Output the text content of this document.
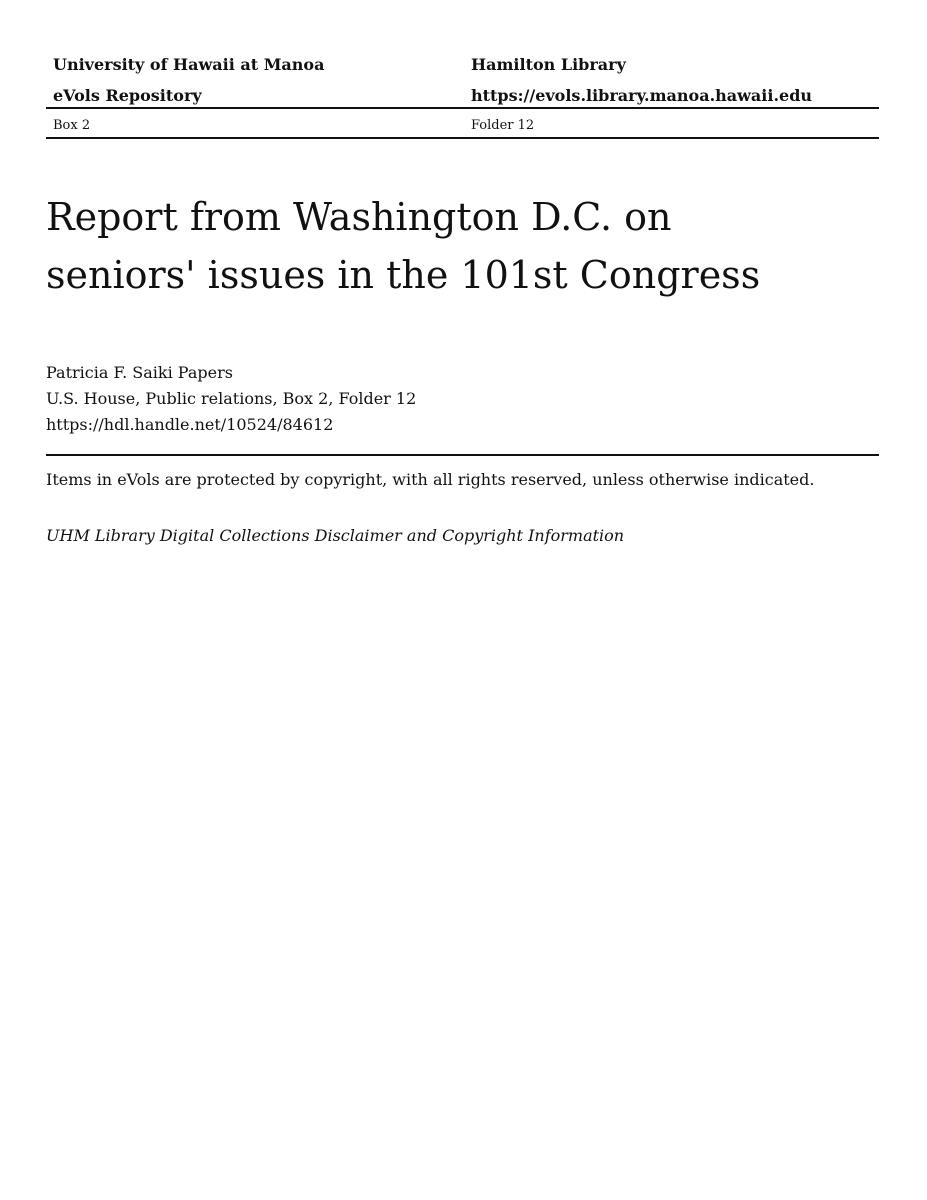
University of Hawaii at Manoa	Hamilton Library
eVols Repository	https://evols.library.manoa.hawaii.edu
Box 2	Folder 12
Report from Washington D.C. on
seniors' issues in the 101st Congress
Patricia F. Saiki Papers
U.S. House, Public relations, Box 2, Folder 12
https://hdl.handle.net/10524/84612
Items in eVols are protected by copyright, with all rights reserved, unless otherwise indicated.
UHM Library Digital Collections Disclaimer and Copyright Information
